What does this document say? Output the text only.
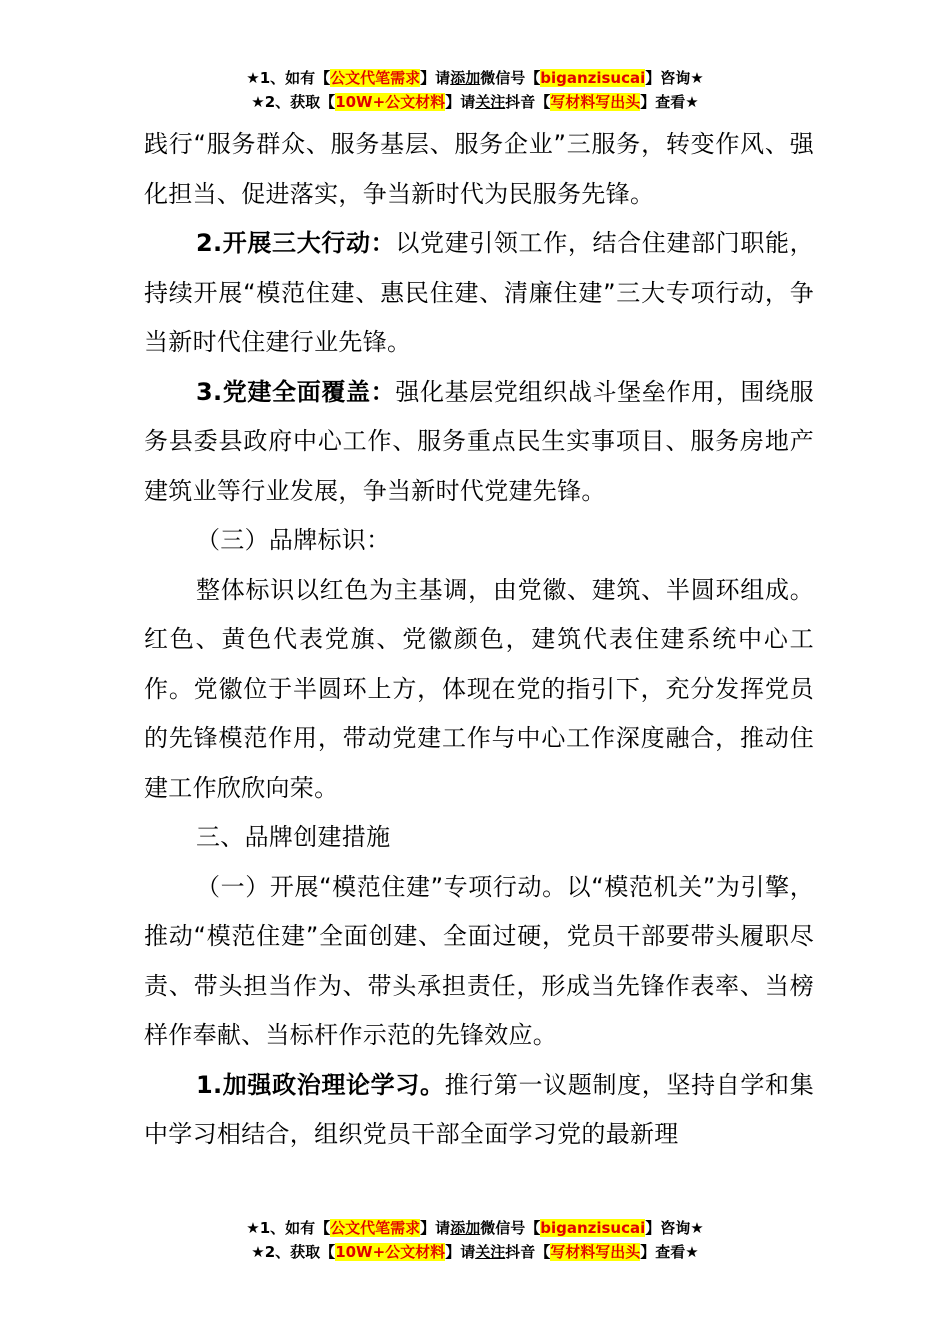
★1、如有【公文代笔需求】请添加微信号【biganzisucai】咨询★
★2、获取【10W+公文材料】请关注抖音【写材料写出头】查看★

践行“服务群众、服务基层、服务企业”三服务，转变作风、强化担当、促进落实，争当新时代为民服务先锋。

2.开展三大行动：以党建引领工作，结合住建部门职能，持续开展“模范住建、惠民住建、清廉住建”三大专项行动，争当新时代住建行业先锋。

3.党建全面覆盖：强化基层党组织战斗堡垒作用，围绕服务县委县政府中心工作、服务重点民生实事项目、服务房地产建筑业等行业发展，争当新时代党建先锋。

（三）品牌标识：

整体标识以红色为主基调，由党徽、建筑、半圆环组成。红色、黄色代表党旗、党徽颜色，建筑代表住建系统中心工作。党徽位于半圆环上方，体现在党的指引下，充分发挥党员的先锋模范作用，带动党建工作与中心工作深度融合，推动住建工作欣欣向荣。

三、品牌创建措施

（一）开展“模范住建”专项行动。以“模范机关”为引擎，推动“模范住建”全面创建、全面过硬，党员干部要带头履职尽责、带头担当作为、带头承担责任，形成当先锋作表率、当榜样作奉献、当标杆作示范的先锋效应。

1.加强政治理论学习。推行第一议题制度，坚持自学和集中学习相结合，组织党员干部全面学习党的最新理

★1、如有【公文代笔需求】请添加微信号【biganzisucai】咨询★
★2、获取【10W+公文材料】请关注抖音【写材料写出头】查看★
